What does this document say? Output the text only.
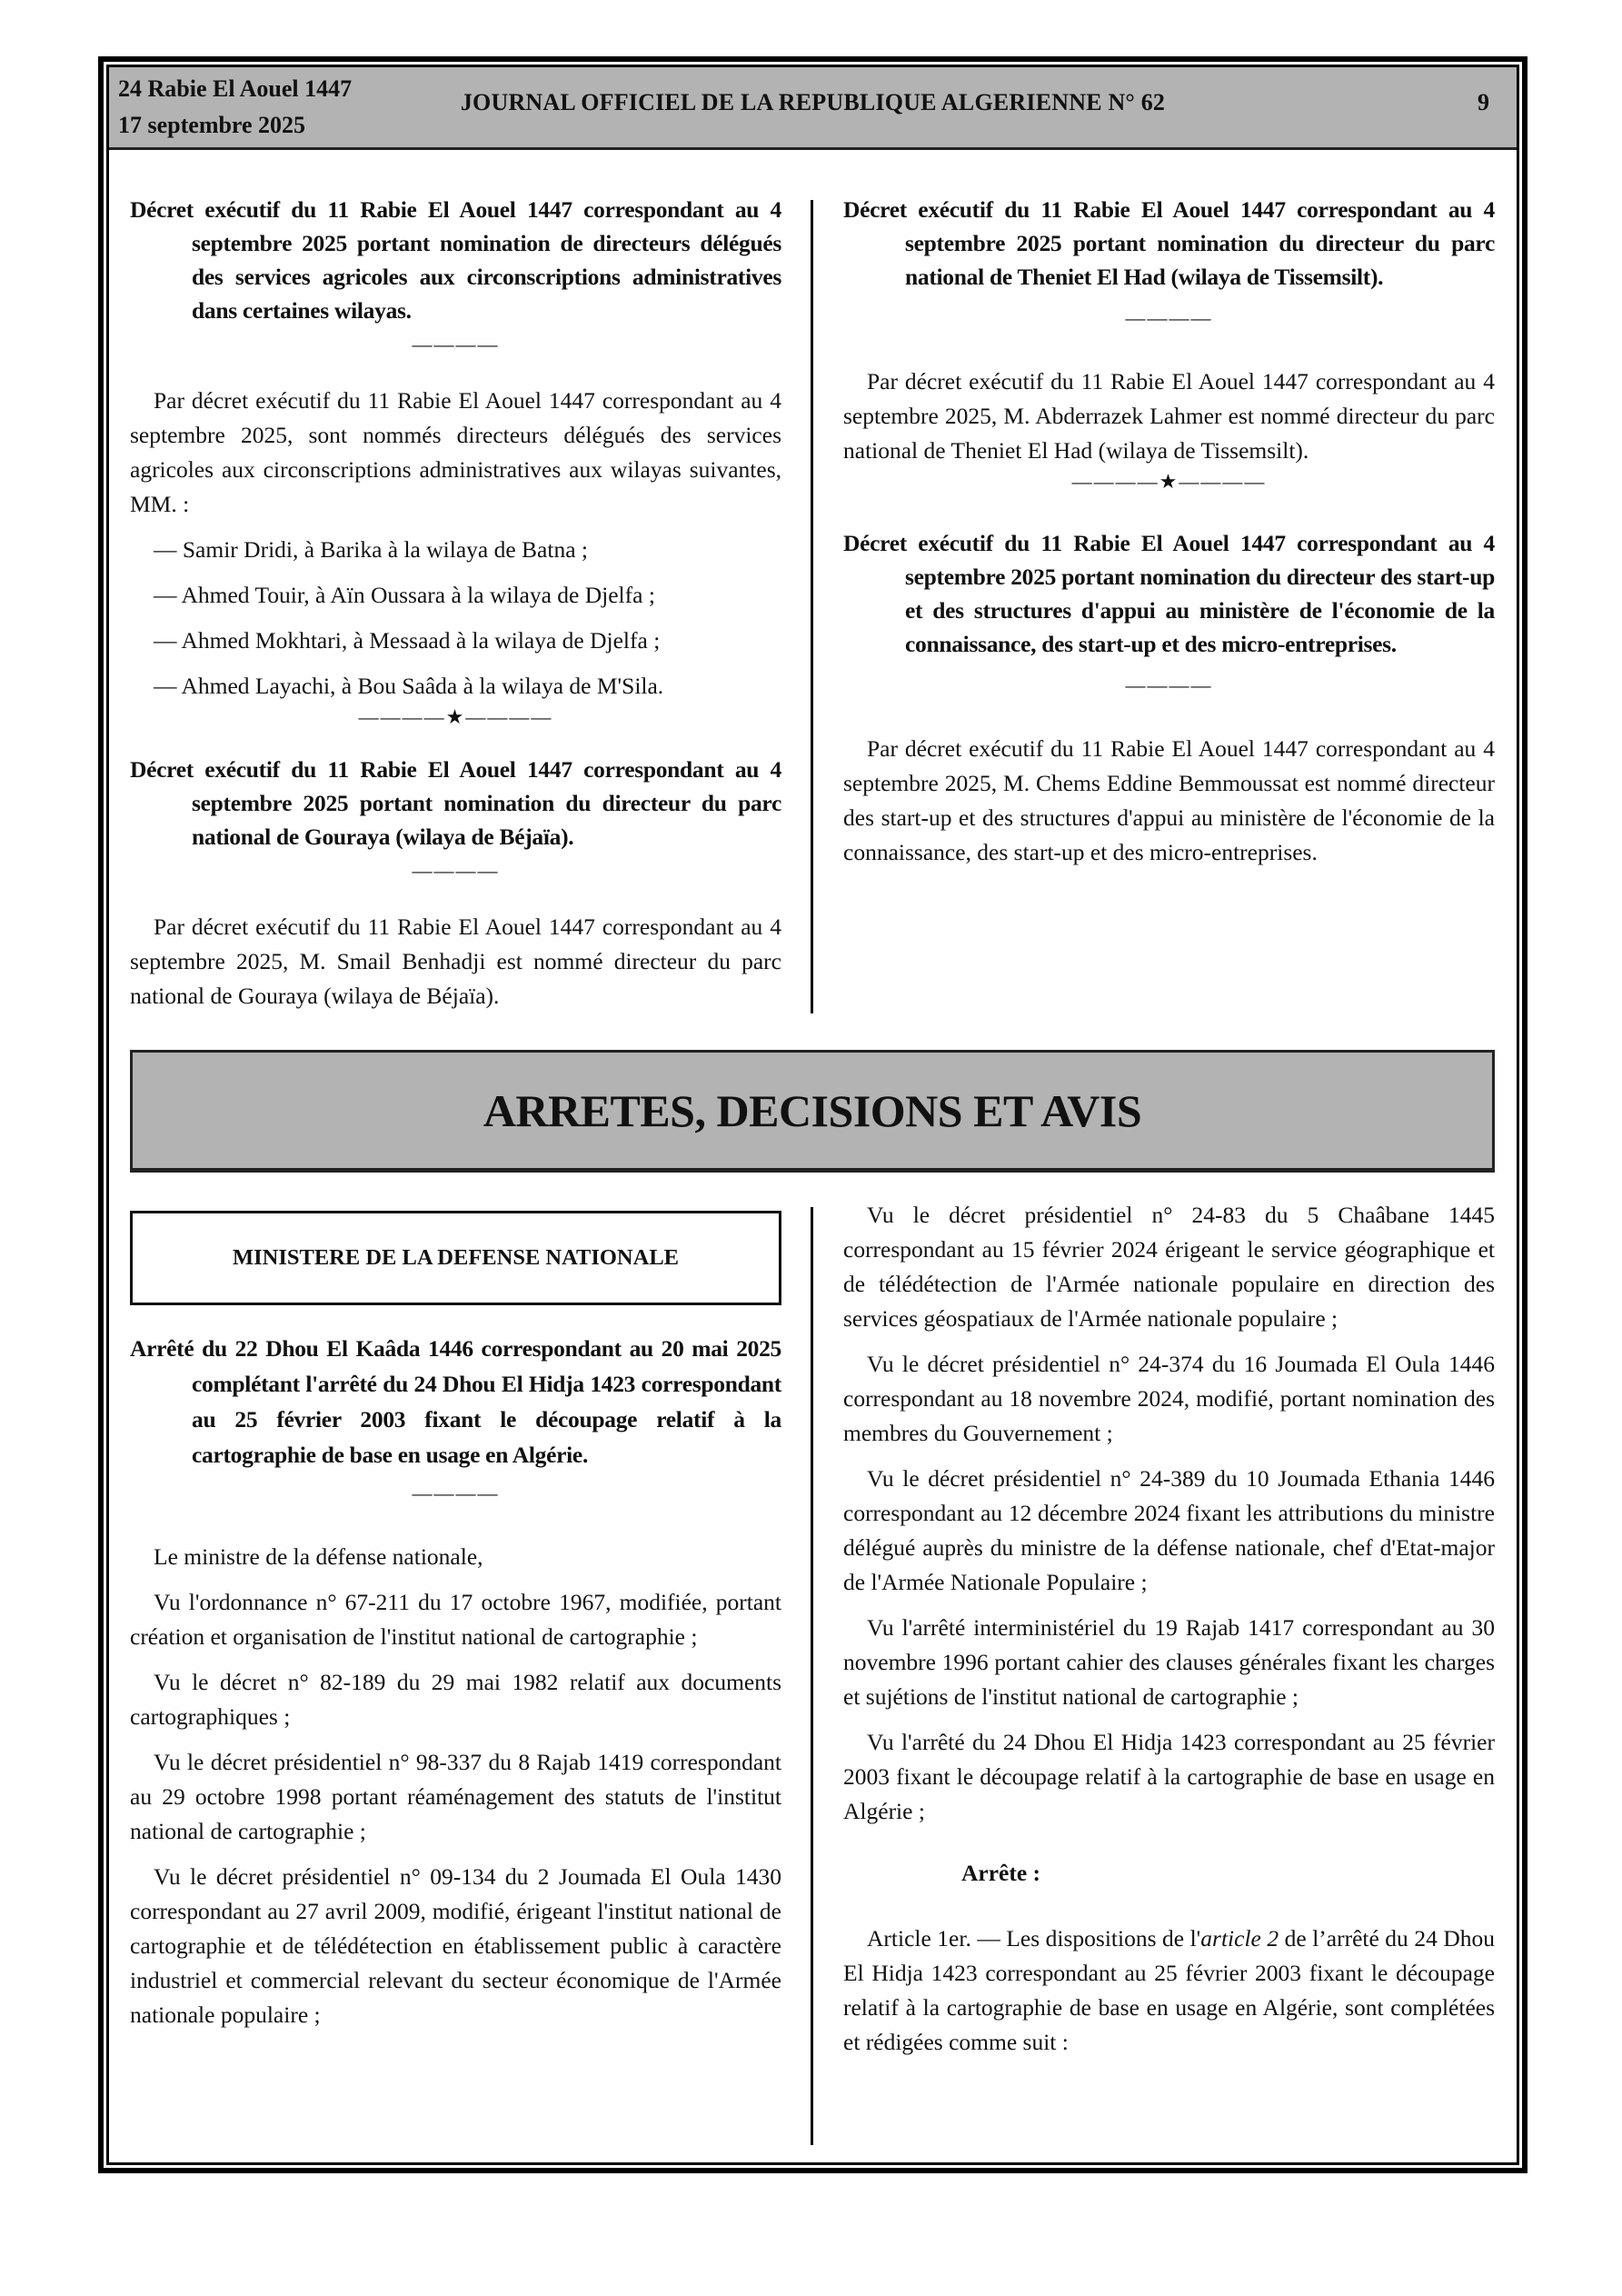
24 Rabie El Aouel 1447
17 septembre 2025
JOURNAL OFFICIEL DE LA REPUBLIQUE ALGERIENNE N° 62	9
Décret exécutif du 11 Rabie El Aouel 1447 correspondant au 4 septembre 2025 portant nomination de directeurs délégués des services agricoles aux circonscriptions administratives dans certaines wilayas.
————

Par décret exécutif du 11 Rabie El Aouel 1447 correspondant au 4 septembre 2025, sont nommés directeurs délégués des services agricoles aux circonscriptions administratives aux wilayas suivantes, MM. :

— Samir Dridi, à Barika à la wilaya de Batna ;

— Ahmed Touir, à Aïn Oussara à la wilaya de Djelfa ;

— Ahmed Mokhtari, à Messaad à la wilaya de Djelfa ;

— Ahmed Layachi, à Bou Saâda à la wilaya de M'Sila.

————★————
Décret exécutif du 11 Rabie El Aouel 1447 correspondant au 4 septembre 2025 portant nomination du directeur du parc national de Gouraya (wilaya de Béjaïa).
————

Par décret exécutif du 11 Rabie El Aouel 1447 correspondant au 4 septembre 2025, M. Smail Benhadji est nommé directeur du parc national de Gouraya (wilaya de Béjaïa).

Décret exécutif du 11 Rabie El Aouel 1447 correspondant au 4 septembre 2025 portant nomination du directeur du parc national de Theniet El Had (wilaya de Tissemsilt).
————

Par décret exécutif du 11 Rabie El Aouel 1447 correspondant au 4 septembre 2025, M. Abderrazek Lahmer est nommé directeur du parc national de Theniet El Had (wilaya de Tissemsilt).

————★————
Décret exécutif du 11 Rabie El Aouel 1447 correspondant au 4 septembre 2025 portant nomination du directeur des start-up et des structures d'appui au ministère de l'économie de la connaissance, des start-up et des micro-entreprises.
————

Par décret exécutif du 11 Rabie El Aouel 1447 correspondant au 4 septembre 2025, M. Chems Eddine Bemmoussat est nommé directeur des start-up et des structures d'appui au ministère de l'économie de la connaissance, des start-up et des micro-entreprises.

ARRETES, DECISIONS ET AVIS
MINISTERE DE LA DEFENSE NATIONALE
Arrêté du 22 Dhou El Kaâda 1446 correspondant au 20 mai 2025 complétant l'arrêté du 24 Dhou El Hidja 1423 correspondant au 25 février 2003 fixant le découpage relatif à la cartographie de base en usage en Algérie.
————

Le ministre de la défense nationale,

Vu l'ordonnance n° 67-211 du 17 octobre 1967, modifiée, portant création et organisation de l'institut national de cartographie ;

Vu le décret n° 82-189 du 29 mai 1982 relatif aux documents cartographiques ;

Vu le décret présidentiel n° 98-337 du 8 Rajab 1419 correspondant au 29 octobre 1998 portant réaménagement des statuts de l'institut national de cartographie ;

Vu le décret présidentiel n° 09-134 du 2 Joumada El Oula 1430 correspondant au 27 avril 2009, modifié, érigeant l'institut national de cartographie et de télédétection en établissement public à caractère industriel et commercial relevant du secteur économique de l'Armée nationale populaire ;

Vu le décret présidentiel n° 24-83 du 5 Chaâbane 1445 correspondant au 15 février 2024 érigeant le service géographique et de télédétection de l'Armée nationale populaire en direction des services géospatiaux de l'Armée nationale populaire ;

Vu le décret présidentiel n° 24-374 du 16 Joumada El Oula 1446 correspondant au 18 novembre 2024, modifié, portant nomination des membres du Gouvernement ;

Vu le décret présidentiel n° 24-389 du 10 Joumada Ethania 1446 correspondant au 12 décembre 2024 fixant les attributions du ministre délégué auprès du ministre de la défense nationale, chef d'Etat-major de l'Armée Nationale Populaire ;

Vu l'arrêté interministériel du 19 Rajab 1417 correspondant au 30 novembre 1996 portant cahier des clauses générales fixant les charges et sujétions de l'institut national de cartographie ;

Vu l'arrêté du 24 Dhou El Hidja 1423 correspondant au 25 février 2003 fixant le découpage relatif à la cartographie de base en usage en Algérie ;

Arrête :

Article 1er. — Les dispositions de l'article 2 de l’arrêté du 24 Dhou El Hidja 1423 correspondant au 25 février 2003 fixant le découpage relatif à la cartographie de base en usage en Algérie, sont complétées et rédigées comme suit :
